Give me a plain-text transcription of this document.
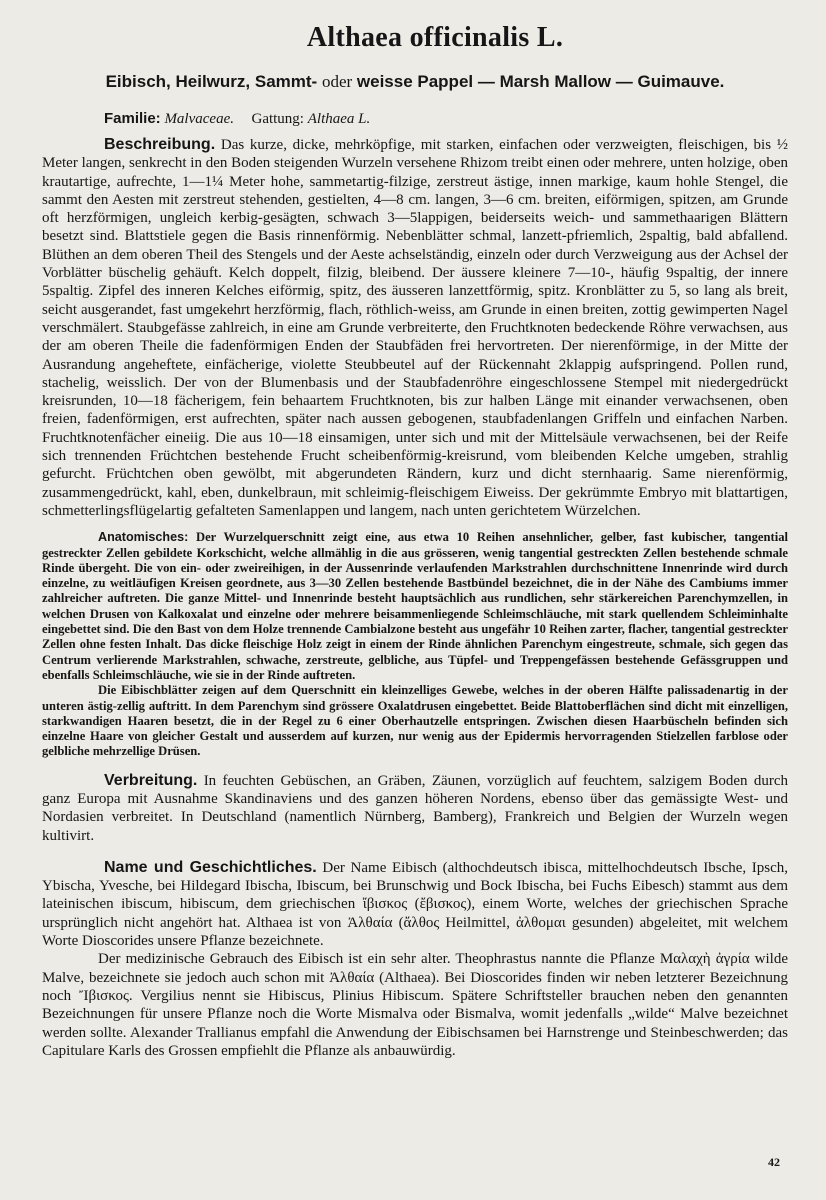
Althaea officinalis L.
Eibisch, Heilwurz, Sammt- oder weisse Pappel — Marsh Mallow — Guimauve.
Familie: Malvaceae. Gattung: Althaea L.

Beschreibung. Das kurze, dicke, mehrköpfige, mit starken, einfachen oder verzweigten, fleischigen, bis ½ Meter langen, senkrecht in den Boden steigenden Wurzeln versehene Rhizom treibt einen oder mehrere, unten holzige, oben krautartige, aufrechte, 1—1¼ Meter hohe, sammetartig-filzige, zerstreut ästige, innen markige, kaum hohle Stengel, die sammt den Aesten mit zerstreut stehenden, gestielten, 4—8 cm. langen, 3—6 cm. breiten, eiförmigen, spitzen, am Grunde oft herzförmigen, ungleich kerbig-gesägten, schwach 3—5lappigen, beiderseits weich- und sammethaarigen Blättern besetzt sind. Blattstiele gegen die Basis rinnenförmig. Nebenblätter schmal, lanzett-pfriemlich, 2spaltig, bald abfallend. Blüthen an dem oberen Theil des Stengels und der Aeste achselständig, einzeln oder durch Verzweigung aus der Achsel der Vorblätter büschelig gehäuft. Kelch doppelt, filzig, bleibend. Der äussere kleinere 7—10-, häufig 9spaltig, der innere 5spaltig. Zipfel des inneren Kelches eiförmig, spitz, des äusseren lanzettförmig, spitz. Kronblätter zu 5, so lang als breit, seicht ausgerandet, fast umgekehrt herzförmig, flach, röthlich-weiss, am Grunde in einen breiten, zottig gewimperten Nagel verschmälert. Staubgefässe zahlreich, in eine am Grunde verbreiterte, den Fruchtknoten bedeckende Röhre verwachsen, aus der am oberen Theile die fadenförmigen Enden der Staubfäden frei hervortreten. Der nierenförmige, in der Mitte der Ausrandung angeheftete, einfächerige, violette Steubbeutel auf der Rückennaht 2klappig aufspringend. Pollen rund, stachelig, weisslich. Der von der Blumenbasis und der Staubfadenröhre eingeschlossene Stempel mit niedergedrückt kreisrunden, 10—18 fächerigem, fein behaartem Fruchtknoten, bis zur halben Länge mit einander verwachsenen, oben freien, fadenförmigen, erst aufrechten, später nach aussen gebogenen, staubfadenlangen Griffeln und einfachen Narben. Fruchtknotenfächer eineiig. Die aus 10—18 einsamigen, unter sich und mit der Mittelsäule verwachsenen, bei der Reife sich trennenden Früchtchen bestehende Frucht scheibenförmig-kreisrund, vom bleibenden Kelche umgeben, strahlig gefurcht. Früchtchen oben gewölbt, mit abgerundeten Rändern, kurz und dicht sternhaarig. Same nierenförmig, zusammengedrückt, kahl, eben, dunkelbraun, mit schleimig-fleischigem Eiweiss. Der gekrümmte Embryo mit blattartigen, schmetterlingsflügelartig gefalteten Samenlappen und langem, nach unten gerichtetem Würzelchen.

Anatomisches: Der Wurzelquerschnitt zeigt eine, aus etwa 10 Reihen ansehnlicher, gelber, fast kubischer, tangential gestreckter Zellen gebildete Korkschicht, welche allmählig in die aus grösseren, wenig tangential gestreckten Zellen bestehende schmale Rinde übergeht. Die von ein- oder zweireihigen, in der Aussenrinde verlaufenden Markstrahlen durchschnittene Innenrinde wird durch einzelne, zu weitläufigen Kreisen geordnete, aus 3—30 Zellen bestehende Bastbündel bezeichnet, die in der Nähe des Cambiums immer zahlreicher auftreten. Die ganze Mittel- und Innenrinde besteht hauptsächlich aus rundlichen, sehr stärkereichen Parenchymzellen, in welchen Drusen von Kalkoxalat und einzelne oder mehrere beisammenliegende Schleimschläuche, mit stark quellendem Schleiminhalte eingebettet sind. Die den Bast von dem Holze trennende Cambialzone besteht aus ungefähr 10 Reihen zarter, flacher, tangential gestreckter Zellen ohne festen Inhalt. Das dicke fleischige Holz zeigt in einem der Rinde ähnlichen Parenchym eingestreute, schmale, sich gegen das Centrum verlierende Markstrahlen, schwache, zerstreute, gelbliche, aus Tüpfel- und Treppengefässen bestehende Gefässgruppen und ebenfalls Schleimschläuche, wie sie in der Rinde auftreten.

Die Eibischblätter zeigen auf dem Querschnitt ein kleinzelliges Gewebe, welches in der oberen Hälfte palissadenartig in der unteren ästig-zellig auftritt. In dem Parenchym sind grössere Oxalatdrusen eingebettet. Beide Blattoberflächen sind dicht mit einzelligen, starkwandigen Haaren besetzt, die in der Regel zu 6 einer Oberhautzelle entspringen. Zwischen diesen Haarbüscheln befinden sich einzelne Haare von gleicher Gestalt und ausserdem auf kurzen, nur wenig aus der Epidermis hervorragenden Stielzellen farblose oder gelbliche mehrzellige Drüsen.

Verbreitung. In feuchten Gebüschen, an Gräben, Zäunen, vorzüglich auf feuchtem, salzigem Boden durch ganz Europa mit Ausnahme Skandinaviens und des ganzen höheren Nordens, ebenso über das gemässigte West- und Nordasien verbreitet. In Deutschland (namentlich Nürnberg, Bamberg), Frankreich und Belgien der Wurzeln wegen kultivirt.

Name und Geschichtliches. Der Name Eibisch (althochdeutsch ibisca, mittelhochdeutsch Ibsche, Ipsch, Ybischa, Yvesche, bei Hildegard Ibischa, Ibiscum, bei Brunschwig und Bock Ibischa, bei Fuchs Eibesch) stammt aus dem lateinischen ibiscum, hibiscum, dem griechischen ἴβισκος (ἔβισκος), einem Worte, welches der griechischen Sprache ursprünglich nicht angehört hat. Althaea ist von Ἀλθαία (ἄλθος Heilmittel, ἀλθομαι gesunden) abgeleitet, mit welchem Worte Dioscorides unsere Pflanze bezeichnete.

Der medizinische Gebrauch des Eibisch ist ein sehr alter. Theophrastus nannte die Pflanze Μαλαχὴ ἀγρία wilde Malve, bezeichnete sie jedoch auch schon mit Ἀλθαία (Althaea). Bei Dioscorides finden wir neben letzterer Bezeichnung noch Ἴβισκος. Vergilius nennt sie Hibiscus, Plinius Hibiscum. Spätere Schriftsteller brauchen neben den genannten Bezeichnungen für unsere Pflanze noch die Worte Mismalva oder Bismalva, womit jedenfalls „wilde“ Malve bezeichnet werden sollte. Alexander Trallianus empfahl die Anwendung der Eibischsamen bei Harnstrenge und Steinbeschwerden; das Capitulare Karls des Grossen empfiehlt die Pflanze als anbauwürdig.

42
